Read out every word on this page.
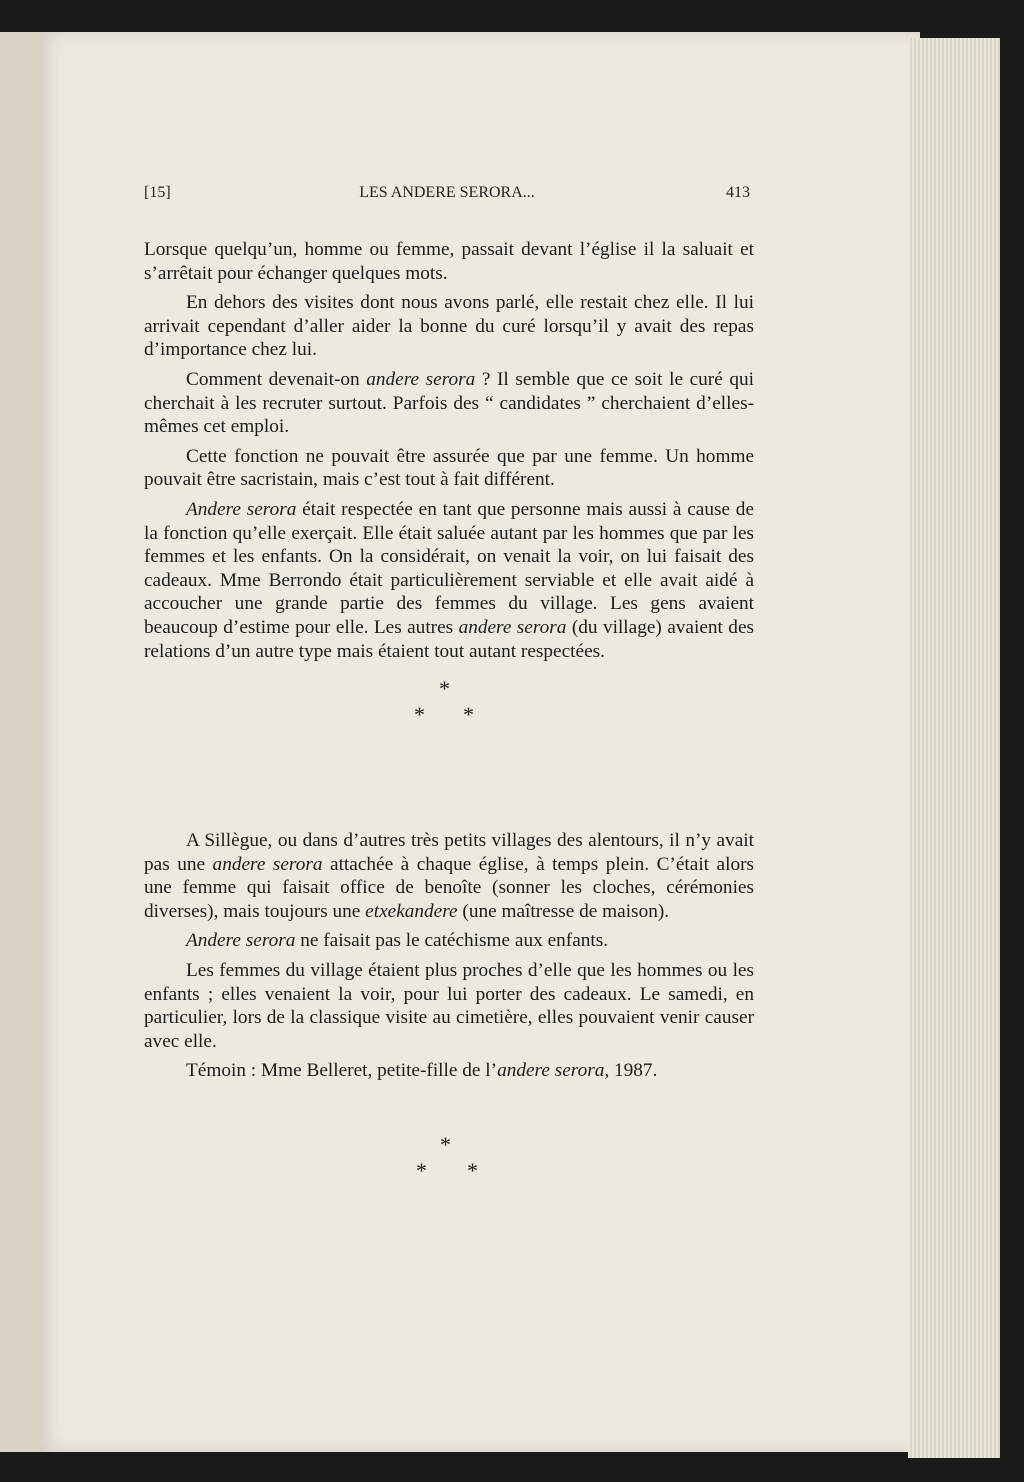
[15]	LES ANDERE SERORA...	413

Lorsque quelqu’un, homme ou femme, passait devant l’église il la saluait et s’arrêtait pour échanger quelques mots.

En dehors des visites dont nous avons parlé, elle restait chez elle. Il lui arrivait cependant d’aller aider la bonne du curé lorsqu’il y avait des repas d’importance chez lui.

Comment devenait-on andere serora ? Il semble que ce soit le curé qui cherchait à les recruter surtout. Parfois des “ candidates ” cherchaient d’elles-mêmes cet emploi.

Cette fonction ne pouvait être assurée que par une femme. Un homme pouvait être sacristain, mais c’est tout à fait différent.

Andere serora était respectée en tant que personne mais aussi à cause de la fonction qu’elle exerçait. Elle était saluée autant par les hommes que par les femmes et les enfants. On la considérait, on venait la voir, on lui faisait des cadeaux. Mme Berrondo était particulièrement serviable et elle avait aidé à accoucher une grande partie des femmes du village. Les gens avaient beaucoup d’estime pour elle. Les autres andere serora (du village) avaient des relations d’un autre type mais étaient tout autant respectées.

A Sillègue, ou dans d’autres très petits villages des alentours, il n’y avait pas une andere serora attachée à chaque église, à temps plein. C’était alors une femme qui faisait office de benoîte (sonner les cloches, cérémonies diverses), mais toujours une etxekandere (une maîtresse de maison).

Andere serora ne faisait pas le catéchisme aux enfants.

Les femmes du village étaient plus proches d’elle que les hommes ou les enfants ; elles venaient la voir, pour lui porter des cadeaux. Le samedi, en particulier, lors de la classique visite au cimetière, elles pouvaient venir causer avec elle.

Témoin : Mme Belleret, petite-fille de l’andere serora, 1987.

*
* *
*
* *
